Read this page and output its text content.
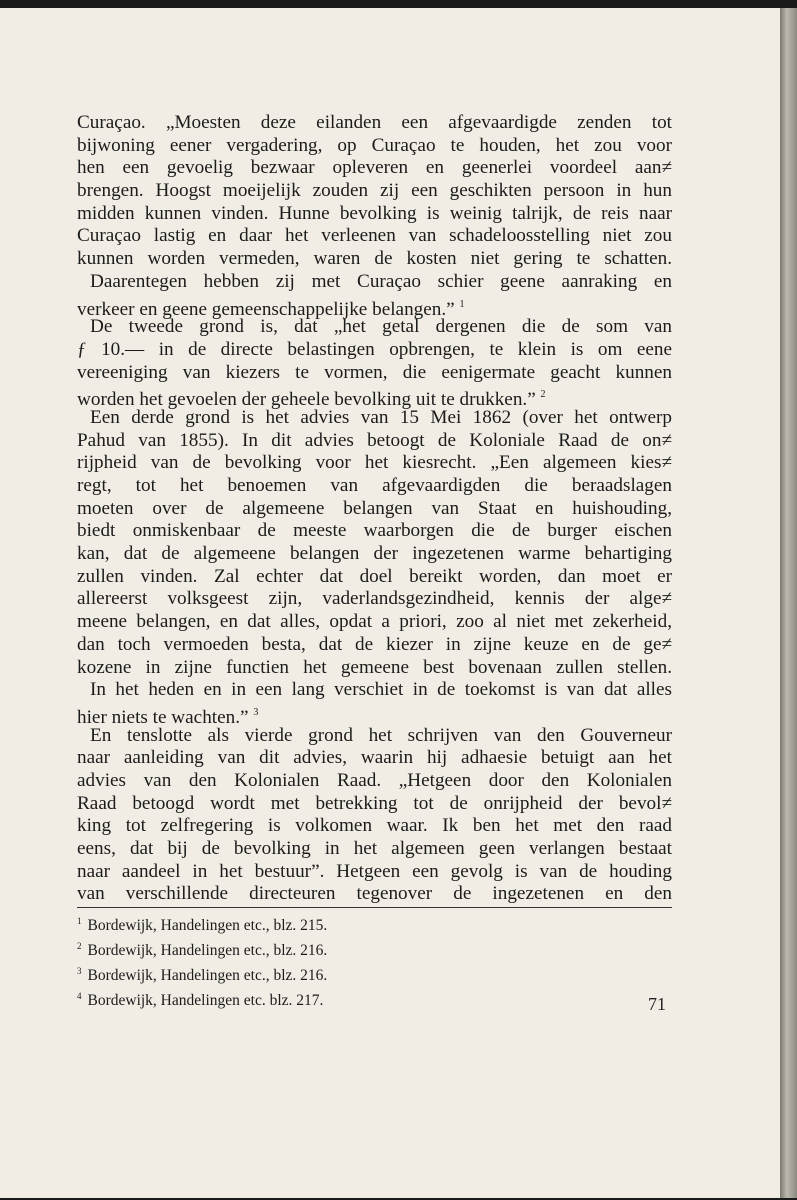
Curaçao. „Moesten deze eilanden een afgevaardigde zenden tot
bijwoning eener vergadering, op Curaçao te houden, het zou voor
hen een gevoelig bezwaar opleveren en geenerlei voordeel aan≠
brengen. Hoogst moeijelijk zouden zij een geschikten persoon in hun
midden kunnen vinden. Hunne bevolking is weinig talrijk, de reis naar
Curaçao lastig en daar het verleenen van schadeloosstelling niet zou
kunnen worden vermeden, waren de kosten niet gering te schatten.
Daarentegen hebben zij met Curaçao schier geene aanraking en
verkeer en geene gemeenschappelijke belangen.” $^1$
De tweede grond is, dat „het getal dergenen die de som van
ƒ 10.— in de directe belastingen opbrengen, te klein is om eene
vereeniging van kiezers te vormen, die eenigermate geacht kunnen
worden het gevoelen der geheele bevolking uit te drukken.” $^2$
Een derde grond is het advies van 15 Mei 1862 (over het ontwerp
Pahud van 1855). In dit advies betoogt de Koloniale Raad de on≠
rijpheid van de bevolking voor het kiesrecht. „Een algemeen kies≠
regt, tot het benoemen van afgevaardigden die beraadslagen
moeten over de algemeene belangen van Staat en huishouding,
biedt onmiskenbaar de meeste waarborgen die de burger eischen
kan, dat de algemeene belangen der ingezetenen warme behartiging
zullen vinden. Zal echter dat doel bereikt worden, dan moet er
allereerst volksgeest zijn, vaderlandsgezindheid, kennis der alge≠
meene belangen, en dat alles, opdat a priori, zoo al niet met zekerheid,
dan toch vermoeden besta, dat de kiezer in zijne keuze en de ge≠
kozene in zijne functien het gemeene best bovenaan zullen stellen.
In het heden en in een lang verschiet in de toekomst is van dat alles
hier niets te wachten.” $^3$
En tenslotte als vierde grond het schrijven van den Gouverneur
naar aanleiding van dit advies, waarin hij adhaesie betuigt aan het
advies van den Kolonialen Raad. „Hetgeen door den Kolonialen
Raad betoogd wordt met betrekking tot de onrijpheid der bevol≠
king tot zelfregering is volkomen waar. Ik ben het met den raad
eens, dat bij de bevolking in het algemeen geen verlangen bestaat
naar aandeel in het bestuur”. Hetgeen een gevolg is van de houding
van verschillende directeuren tegenover de ingezetenen en den
$^1$ Bordewijk, Handelingen etc., blz. 215.
$^2$ Bordewijk, Handelingen etc., blz. 216.
$^3$ Bordewijk, Handelingen etc., blz. 216.
$^4$ Bordewijk, Handelingen etc. blz. 217.	71
